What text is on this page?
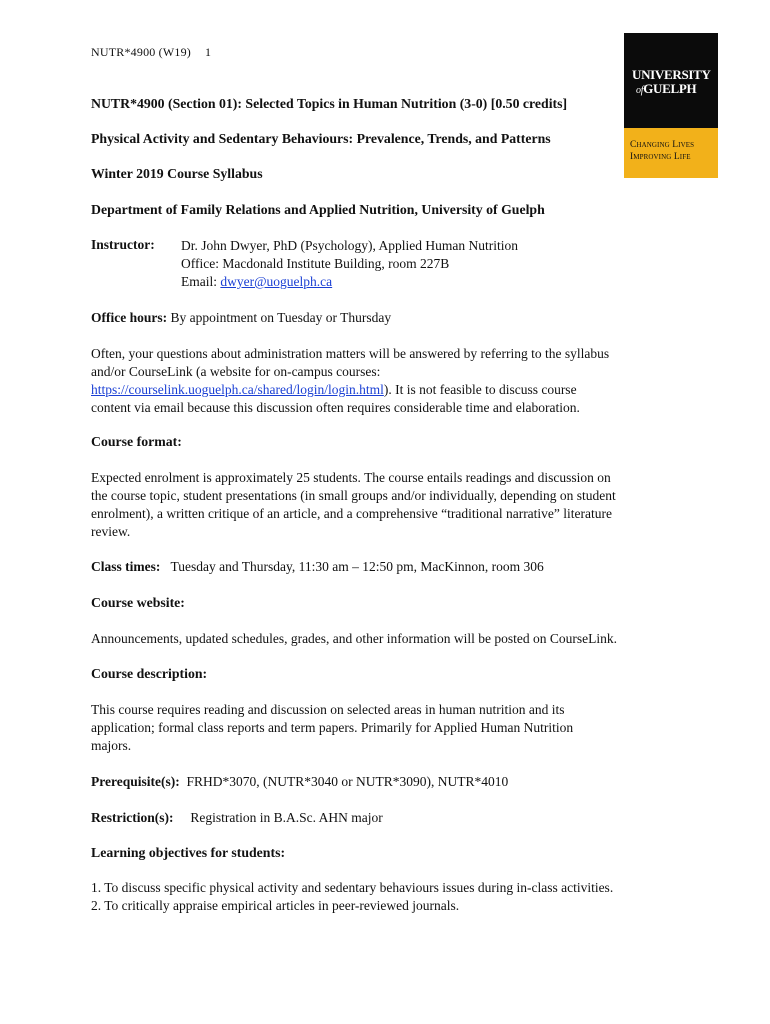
NUTR*4900 (W19) 1
UNIVERSITY
ofGUELPH
Changing Lives
Improving Life

NUTR*4900 (Section 01): Selected Topics in Human Nutrition (3-0) [0.50 credits]

Physical Activity and Sedentary Behaviours: Prevalence, Trends, and Patterns

Winter 2019 Course Syllabus

Department of Family Relations and Applied Nutrition, University of Guelph

Instructor:	Dr. John Dwyer, PhD (Psychology), Applied Human Nutrition

Office: Macdonald Institute Building, room 227B

Email: dwyer@uoguelph.ca

Office hours: By appointment on Tuesday or Thursday

Often, your questions about administration matters will be answered by referring to the syllabus

and/or CourseLink (a website for on-campus courses:

https://courselink.uoguelph.ca/shared/login/login.html). It is not feasible to discuss course

content via email because this discussion often requires considerable time and elaboration.

Course format:

Expected enrolment is approximately 25 students. The course entails readings and discussion on

the course topic, student presentations (in small groups and/or individually, depending on student

enrolment), a written critique of an article, and a comprehensive “traditional narrative” literature

review.

Class times: Tuesday and Thursday, 11:30 am – 12:50 pm, MacKinnon, room 306

Course website:

Announcements, updated schedules, grades, and other information will be posted on CourseLink.

Course description:

This course requires reading and discussion on selected areas in human nutrition and its

application; formal class reports and term papers. Primarily for Applied Human Nutrition

majors.

Prerequisite(s): FRHD*3070, (NUTR*3040 or NUTR*3090), NUTR*4010

Restriction(s): Registration in B.A.Sc. AHN major

Learning objectives for students:

1. To discuss specific physical activity and sedentary behaviours issues during in-class activities.
2. To critically appraise empirical articles in peer-reviewed journals.
